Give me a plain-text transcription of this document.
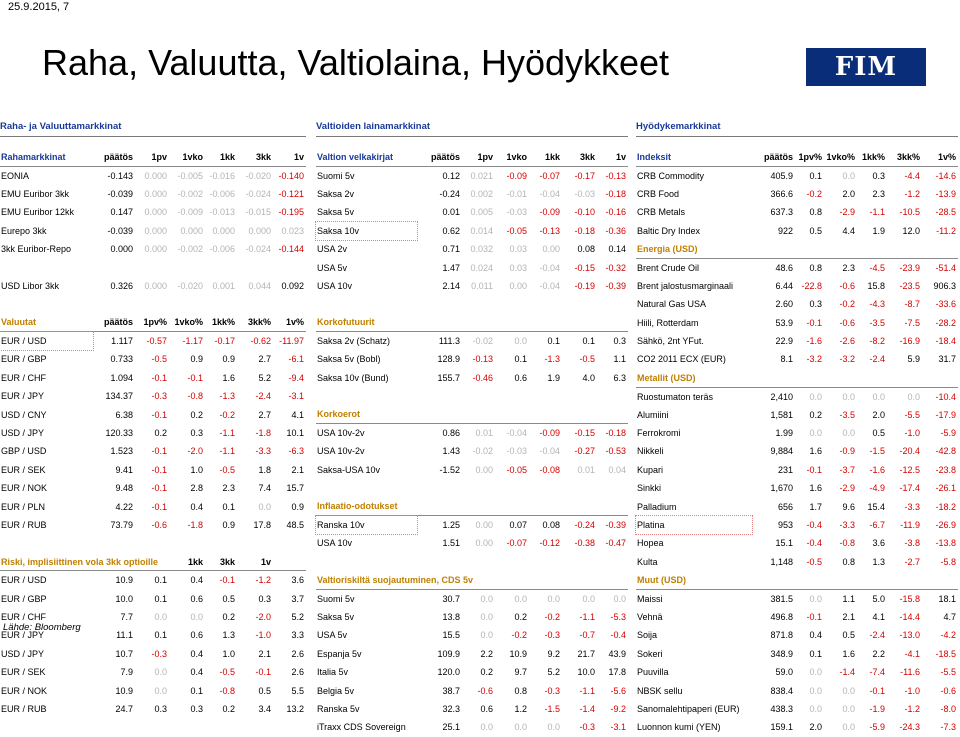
25.9.2015, 7
Raha, Valuutta, Valtiolaina, Hyödykkeet	FIM
Raha- ja Valuuttamarkkinat
Rahamarkkinat	päätös	1pv	1vko	1kk	3kk	1v
EONIA	-0.143	0.000	-0.005	-0.016	-0.020	-0.140
EMU Euribor 3kk	-0.039	0.000	-0.002	-0.006	-0.024	-0.121
EMU Euribor 12kk	0.147	0.000	-0.009	-0.013	-0.015	-0.195
Eurepo 3kk	-0.039	0.000	0.000	0.000	0.000	0.023
3kk Euribor-Repo	0.000	0.000	-0.002	-0.006	-0.024	-0.144

USD Libor 3kk	0.326	0.000	-0.020	0.001	0.044	0.092

Valuutat	päätös	1pv%	1vko%	1kk%	3kk%	1v%
EUR / USD	1.117	-0.57	-1.17	-0.17	-0.62	-11.97
EUR / GBP	0.733	-0.5	0.9	0.9	2.7	-6.1
EUR / CHF	1.094	-0.1	-0.1	1.6	5.2	-9.4
EUR / JPY	134.37	-0.3	-0.8	-1.3	-2.4	-3.1
USD / CNY	6.38	-0.1	0.2	-0.2	2.7	4.1
USD / JPY	120.33	0.2	0.3	-1.1	-1.8	10.1
GBP / USD	1.523	-0.1	-2.0	-1.1	-3.3	-6.3
EUR / SEK	9.41	-0.1	1.0	-0.5	1.8	2.1
EUR / NOK	9.48	-0.1	2.8	2.3	7.4	15.7
EUR / PLN	4.22	-0.1	0.4	0.1	0.0	0.9
EUR / RUB	73.79	-0.6	-1.8	0.9	17.8	48.5

Riski, implisiittinen vola 3kk optioille			1kk	3kk	1v	
EUR / USD	10.9	0.1	0.4	-0.1	-1.2	3.6
EUR / GBP	10.0	0.1	0.6	0.5	0.3	3.7
EUR / CHF	7.7	0.0	0.0	0.2	-2.0	5.2
EUR / JPY	11.1	0.1	0.6	1.3	-1.0	3.3
USD / JPY	10.7	-0.3	0.4	1.0	2.1	2.6
EUR / SEK	7.9	0.0	0.4	-0.5	-0.1	2.6
EUR / NOK	10.9	0.0	0.1	-0.8	0.5	5.5
EUR / RUB	24.7	0.3	0.3	0.2	3.4	13.2
Valtioiden lainamarkkinat
Valtion velkakirjat	päätös	1pv	1vko	1kk	3kk	1v
Suomi 5v	0.12	0.021	-0.09	-0.07	-0.17	-0.13
Saksa 2v	-0.24	0.002	-0.01	-0.04	-0.03	-0.18
Saksa 5v	0.01	0.005	-0.03	-0.09	-0.10	-0.16
Saksa 10v	0.62	0.014	-0.05	-0.13	-0.18	-0.36
USA 2v	0.71	0.032	0.03	0.00	0.08	0.14
USA 5v	1.47	0.024	0.03	-0.04	-0.15	-0.32
USA 10v	2.14	0.011	0.00	-0.04	-0.19	-0.39

Korkofutuurit						
Saksa 2v (Schatz)	111.3	-0.02	0.0	0.1	0.1	0.3
Saksa 5v (Bobl)	128.9	-0.13	0.1	-1.3	-0.5	1.1
Saksa 10v (Bund)	155.7	-0.46	0.6	1.9	4.0	6.3

Korkoerot						
USA 10v-2v	0.86	0.01	-0.04	-0.09	-0.15	-0.18
USA 10v-2v	1.43	-0.02	-0.03	-0.04	-0.27	-0.53
Saksa-USA 10v	-1.52	0.00	-0.05	-0.08	0.01	0.04

Inflaatio-odotukset						
Ranska 10v	1.25	0.00	0.07	0.08	-0.24	-0.39
USA 10v	1.51	0.00	-0.07	-0.12	-0.38	-0.47

Valtioriskiltä suojautuminen, CDS 5v						
Suomi 5v	30.7	0.0	0.0	0.0	0.0	0.0
Saksa 5v	13.8	0.0	0.2	-0.2	-1.1	-5.3
USA 5v	15.5	0.0	-0.2	-0.3	-0.7	-0.4
Espanja 5v	109.9	2.2	10.9	9.2	21.7	43.9
Italia 5v	120.0	0.2	9.7	5.2	10.0	17.8
Belgia 5v	38.7	-0.6	0.8	-0.3	-1.1	-5.6
Ranska 5v	32.3	0.6	1.2	-1.5	-1.4	-9.2
iTraxx CDS Sovereign	25.1	0.0	0.0	0.0	-0.3	-3.1
Hyödykemarkkinat
Indeksit	päätös	1pv%	1vko%	1kk%	3kk%	1v%
CRB Commodity	405.9	0.1	0.0	0.3	-4.4	-14.6
CRB Food	366.6	-0.2	2.0	2.3	-1.2	-13.9
CRB Metals	637.3	0.8	-2.9	-1.1	-10.5	-28.5
Baltic Dry Index	922	0.5	4.4	1.9	12.0	-11.2
Energia (USD)						
Brent Crude Oil	48.6	0.8	2.3	-4.5	-23.9	-51.4
Brent jalostusmarginaali	6.44	-22.8	-0.6	15.8	-23.5	906.3
Natural Gas USA	2.60	0.3	-0.2	-4.3	-8.7	-33.6
Hiili, Rotterdam	53.9	-0.1	-0.6	-3.5	-7.5	-28.2
Sähkö, 2nt YFut.	22.9	-1.6	-2.6	-8.2	-16.9	-18.4
CO2 2011 ECX (EUR)	8.1	-3.2	-3.2	-2.4	5.9	31.7
Metallit (USD)						
Ruostumaton teräs	2,410	0.0	0.0	0.0	0.0	-10.4
Alumiini	1,581	0.2	-3.5	2.0	-5.5	-17.9
Ferrokromi	1.99	0.0	0.0	0.5	-1.0	-5.9
Nikkeli	9,884	1.6	-0.9	-1.5	-20.4	-42.8
Kupari	231	-0.1	-3.7	-1.6	-12.5	-23.8
Sinkki	1,670	1.6	-2.9	-4.9	-17.4	-26.1
Palladium	656	1.7	9.6	15.4	-3.3	-18.2
Platina	953	-0.4	-3.3	-6.7	-11.9	-26.9
Hopea	15.1	-0.4	-0.8	3.6	-3.8	-13.8
Kulta	1,148	-0.5	0.8	1.3	-2.7	-5.8
Muut (USD)						
Maissi	381.5	0.0	1.1	5.0	-15.8	18.1
Vehnä	496.8	-0.1	2.1	4.1	-14.4	4.7
Soija	871.8	0.4	0.5	-2.4	-13.0	-4.2
Sokeri	348.9	0.1	1.6	2.2	-4.1	-18.5
Puuvilla	59.0	0.0	-1.4	-7.4	-11.6	-5.5
NBSK sellu	838.4	0.0	0.0	-0.1	-1.0	-0.6
Sanomalehtipaperi (EUR)	438.3	0.0	0.0	-1.9	-1.2	-8.0
Luonnon kumi (YEN)	159.1	2.0	0.0	-5.9	-24.3	-7.3
Lähde: Bloomberg
